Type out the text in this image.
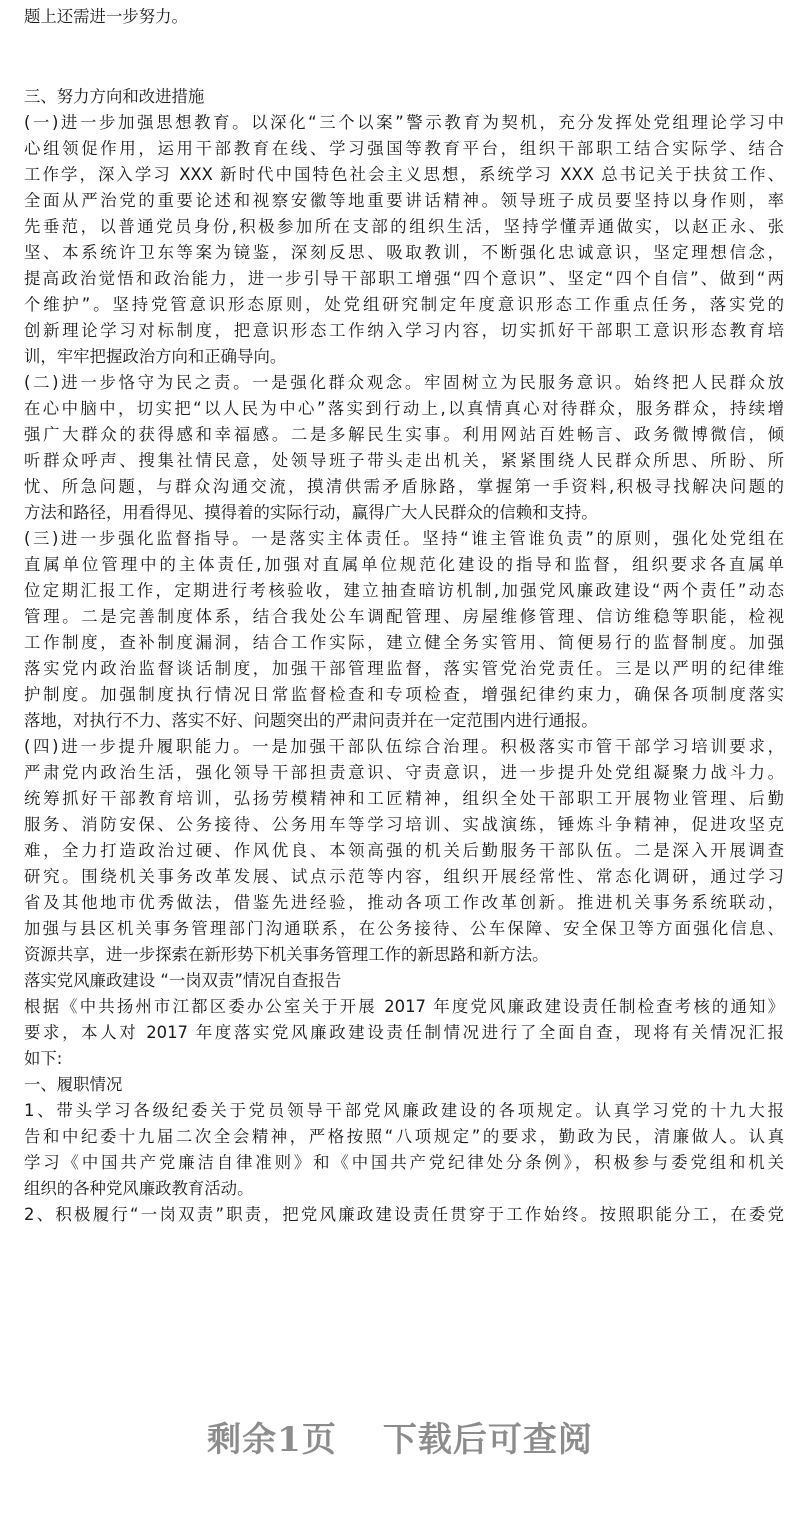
题上还需进一步努力。
三、努力方向和改进措施
(一)进一步加强思想教育。以深化“三个以案”警示教育为契机，充分发挥处党组理论学习中
心组领促作用，运用干部教育在线、学习强国等教育平台，组织干部职工结合实际学、结合
工作学，深入学习 XXX 新时代中国特色社会主义思想，系统学习 XXX 总书记关于扶贫工作、
全面从严治党的重要论述和视察安徽等地重要讲话精神。领导班子成员要坚持以身作则，率
先垂范，以普通党员身份,积极参加所在支部的组织生活，坚持学懂弄通做实，以赵正永、张
坚、本系统许卫东等案为镜鉴，深刻反思、吸取教训，不断强化忠诚意识，坚定理想信念，
提高政治觉悟和政治能力，进一步引导干部职工增强“四个意识”、坚定“四个自信”、做到“两
个维护”。坚持党管意识形态原则，处党组研究制定年度意识形态工作重点任务，落实党的
创新理论学习对标制度，把意识形态工作纳入学习内容，切实抓好干部职工意识形态教育培
训，牢牢把握政治方向和正确导向。
(二)进一步恪守为民之责。一是强化群众观念。牢固树立为民服务意识。始终把人民群众放
在心中脑中，切实把“以人民为中心”落实到行动上,以真情真心对待群众，服务群众，持续增
强广大群众的获得感和幸福感。二是多解民生实事。利用网站百姓畅言、政务微博微信，倾
听群众呼声、搜集社情民意，处领导班子带头走出机关，紧紧围绕人民群众所思、所盼、所
忧、所急问题，与群众沟通交流，摸清供需矛盾脉路，掌握第一手资料,积极寻找解决问题的
方法和路径，用看得见、摸得着的实际行动，赢得广大人民群众的信赖和支持。
(三)进一步强化监督指导。一是落实主体责任。坚持“谁主管谁负责”的原则，强化处党组在
直属单位管理中的主体责任,加强对直属单位规范化建设的指导和监督，组织要求各直属单
位定期汇报工作，定期进行考核验收，建立抽查暗访机制,加强党风廉政建设“两个责任”动态
管理。二是完善制度体系，结合我处公车调配管理、房屋维修管理、信访维稳等职能，检视
工作制度，查补制度漏洞，结合工作实际，建立健全务实管用、简便易行的监督制度。加强
落实党内政治监督谈话制度，加强干部管理监督，落实管党治党责任。三是以严明的纪律维
护制度。加强制度执行情况日常监督检查和专项检查，增强纪律约束力，确保各项制度落实
落地，对执行不力、落实不好、问题突出的严肃问责并在一定范围内进行通报。
(四)进一步提升履职能力。一是加强干部队伍综合治理。积极落实市管干部学习培训要求，
严肃党内政治生活，强化领导干部担责意识、守责意识，进一步提升处党组凝聚力战斗力。
统筹抓好干部教育培训，弘扬劳模精神和工匠精神，组织全处干部职工开展物业管理、后勤
服务、消防安保、公务接待、公务用车等学习培训、实战演练，锤炼斗争精神，促进攻坚克
难，全力打造政治过硬、作风优良、本领高强的机关后勤服务干部队伍。二是深入开展调查
研究。围绕机关事务改革发展、试点示范等内容，组织开展经常性、常态化调研，通过学习
省及其他地市优秀做法，借鉴先进经验，推动各项工作改革创新。推进机关事务系统联动，
加强与县区机关事务管理部门沟通联系，在公务接待、公车保障、安全保卫等方面强化信息、
资源共享，进一步探索在新形势下机关事务管理工作的新思路和新方法。
落实党风廉政建设 “一岗双责”情况自查报告
根据《中共扬州市江都区委办公室关于开展 2017 年度党风廉政建设责任制检查考核的通知》
要求，本人对 2017 年度落实党风廉政建设责任制情况进行了全面自查，现将有关情况汇报
如下:
一、履职情况
1、带头学习各级纪委关于党员领导干部党风廉政建设的各项规定。认真学习党的十九大报
告和中纪委十九届二次全会精神，严格按照“八项规定”的要求，勤政为民，清廉做人。认真
学习《中国共产党廉洁自律准则》和《中国共产党纪律处分条例》，积极参与委党组和机关
组织的各种党风廉政教育活动。
2、积极履行“一岗双责”职责，把党风廉政建设责任贯穿于工作始终。按照职能分工，在委党
剩余1页 下载后可查阅
